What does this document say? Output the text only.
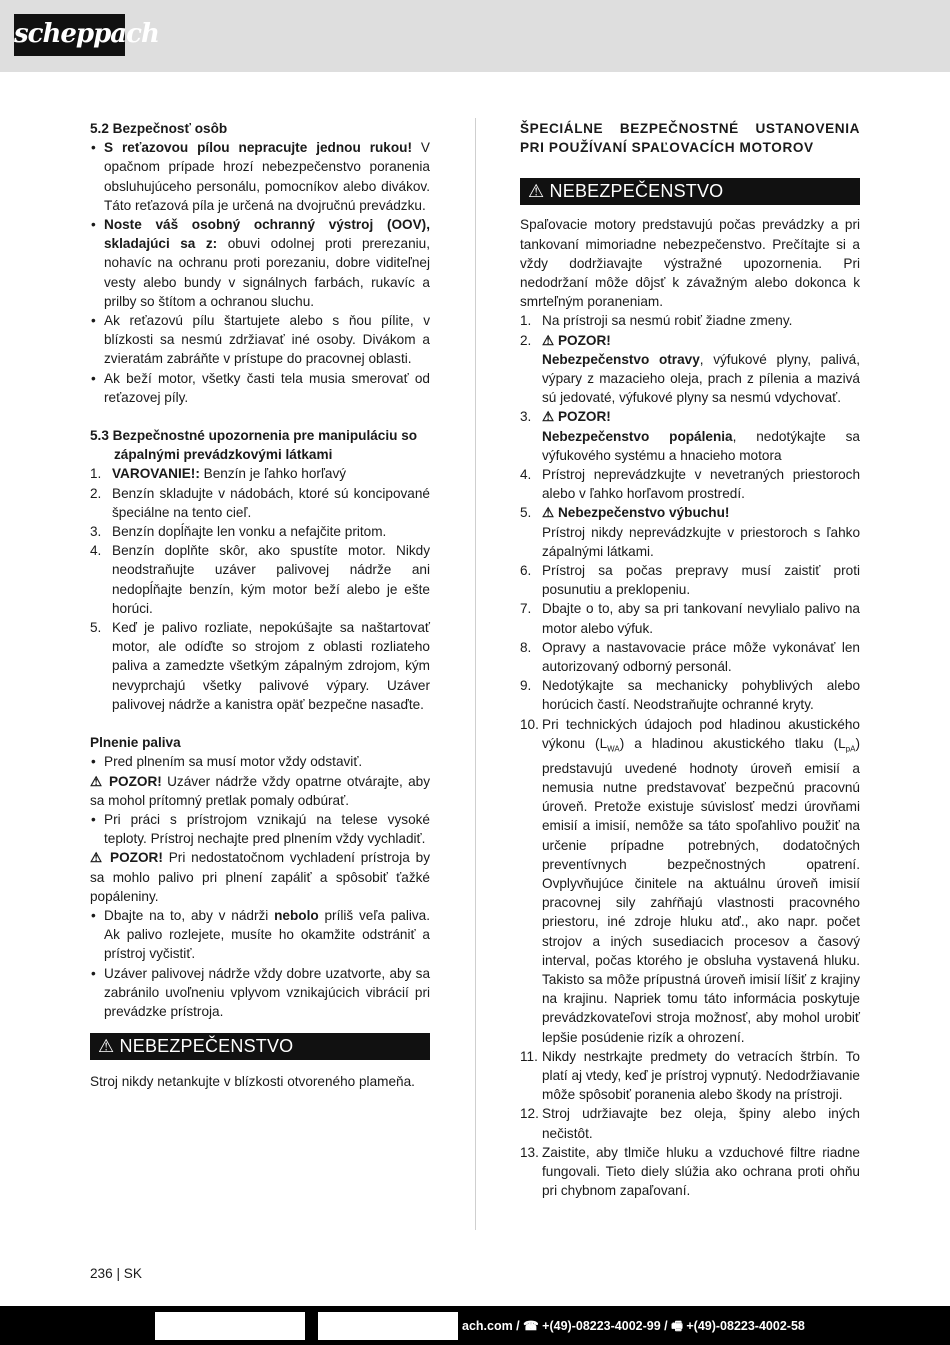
scheppach

5.2 Bezpečnosť osôb

• S reťazovou pílou nepracujte jednou rukou! V opačnom prípade hrozí nebezpečenstvo poranenia obsluhujúceho personálu, pomocníkov alebo divákov. Táto reťazová píla je určená na dvojručnú prevádzku.

• Noste váš osobný ochranný výstroj (OOV), skladajúci sa z: obuvi odolnej proti prerezaniu, nohavíc na ochranu proti porezaniu, dobre viditeľnej vesty alebo bundy v signálnych farbách, rukavíc a prilby so štítom a ochranou sluchu.

• Ak reťazovú pílu štartujete alebo s ňou pílite, v blízkosti sa nesmú zdržiavať iné osoby. Divákom a zvieratám zabráňte v prístupe do pracovnej oblasti.

• Ak beží motor, všetky časti tela musia smerovať od reťazovej píly.

5.3 Bezpečnostné upozornenia pre manipuláciu so zápalnými prevádzkovými látkami

1. VAROVANIE!: Benzín je ľahko horľavý

2. Benzín skladujte v nádobách, ktoré sú koncipované špeciálne na tento cieľ.

3. Benzín dopĺňajte len vonku a nefajčite pritom.

4. Benzín doplňte skôr, ako spustíte motor. Nikdy neodstraňujte uzáver palivovej nádrže ani nedopĺňajte benzín, kým motor beží alebo je ešte horúci.

5. Keď je palivo rozliate, nepokúšajte sa naštartovať motor, ale odíďte so strojom z oblasti rozliateho paliva a zamedzte všetkým zápalným zdrojom, kým nevyprchajú všetky palivové výpary. Uzáver palivovej nádrže a kanistra opäť bezpečne nasaďte.

Plnenie paliva

• Pred plnením sa musí motor vždy odstaviť.

⚠ POZOR! Uzáver nádrže vždy opatrne otvárajte, aby sa mohol prítomný pretlak pomaly odbúrať.

• Pri práci s prístrojom vznikajú na telese vysoké teploty. Prístroj nechajte pred plnením vždy vychladiť.

⚠ POZOR! Pri nedostatočnom vychladení prístroja by sa mohlo palivo pri plnení zapáliť a spôsobiť ťažké popáleniny.

• Dbajte na to, aby v nádrži nebolo príliš veľa paliva. Ak palivo rozlejete, musíte ho okamžite odstrániť a prístroj vyčistiť.

• Uzáver palivovej nádrže vždy dobre uzatvorte, aby sa zabránilo uvoľneniu vplyvom vznikajúcich vibrácií pri prevádzke prístroja.

⚠ NEBEZPEČENSTVO

Stroj nikdy netankujte v blízkosti otvoreného plameňa.

ŠPECIÁLNE BEZPEČNOSTNÉ USTANOVENIA PRI POUŽÍVANÍ SPAĽOVACÍCH MOTOROV

⚠ NEBEZPEČENSTVO

Spaľovacie motory predstavujú počas prevádzky a pri tankovaní mimoriadne nebezpečenstvo. Prečítajte si a vždy dodržiavajte výstražné upozornenia. Pri nedodržaní môže dôjsť k závažným alebo dokonca k smrteľným poraneniam.

1. Na prístroji sa nesmú robiť žiadne zmeny.

2. ⚠ POZOR!
Nebezpečenstvo otravy, výfukové plyny, palivá, výpary z mazacieho oleja, prach z pílenia a mazivá sú jedovaté, výfukové plyny sa nesmú vdychovať.

3. ⚠ POZOR!
Nebezpečenstvo popálenia, nedotýkajte sa výfukového systému a hnacieho motora

4. Prístroj neprevádzkujte v nevetraných priestoroch alebo v ľahko horľavom prostredí.

5. ⚠ Nebezpečenstvo výbuchu!
Prístroj nikdy neprevádzkujte v priestoroch s ľahko zápalnými látkami.

6. Prístroj sa počas prepravy musí zaistiť proti posunutiu a preklopeniu.

7. Dbajte o to, aby sa pri tankovaní nevylialo palivo na motor alebo výfuk.

8. Opravy a nastavovacie práce môže vykonávať len autorizovaný odborný personál.

9. Nedotýkajte sa mechanicky pohyblivých alebo horúcich častí. Neodstraňujte ochranné kryty.

10. Pri technických údajoch pod hladinou akustického výkonu $(L_{WA})$ a hladinou akustického tlaku $(L_{pA})$ predstavujú uvedené hodnoty úroveň emisií a nemusia nutne predstavovať bezpečnú pracovnú úroveň. Pretože existuje súvislosť medzi úrovňami emisií a imisií, nemôže sa táto spoľahlivo použiť na určenie prípadne potrebných, dodatočných preventívnych bezpečnostných opatrení. Ovplyvňujúce činitele na aktuálnu úroveň imisií pracovnej sily zahŕňajú vlastnosti pracovného priestoru, iné zdroje hluku atď., ako napr. počet strojov a iných susediacich procesov a časový interval, počas ktorého je obsluha vystavená hluku. Takisto sa môže prípustná úroveň imisií líšiť z krajiny na krajinu. Napriek tomu táto informácia poskytuje prevádzkovateľovi stroja možnosť, aby mohol urobiť lepšie posúdenie rizík a ohrození.

11. Nikdy nestrkajte predmety do vetracích štrbín. To platí aj vtedy, keď je prístroj vypnutý. Nedodržiavanie môže spôsobiť poranenia alebo škody na prístroji.

12. Stroj udržiavajte bez oleja, špiny alebo iných nečistôt.

13. Zaistite, aby tlmiče hluku a vzduchové filtre riadne fungovali. Tieto diely slúžia ako ochrana proti ohňu pri chybnom zapaľovaní.

236 | SK
ach.com / ☎ +(49)-08223-4002-99 / 🖷 +(49)-08223-4002-58
